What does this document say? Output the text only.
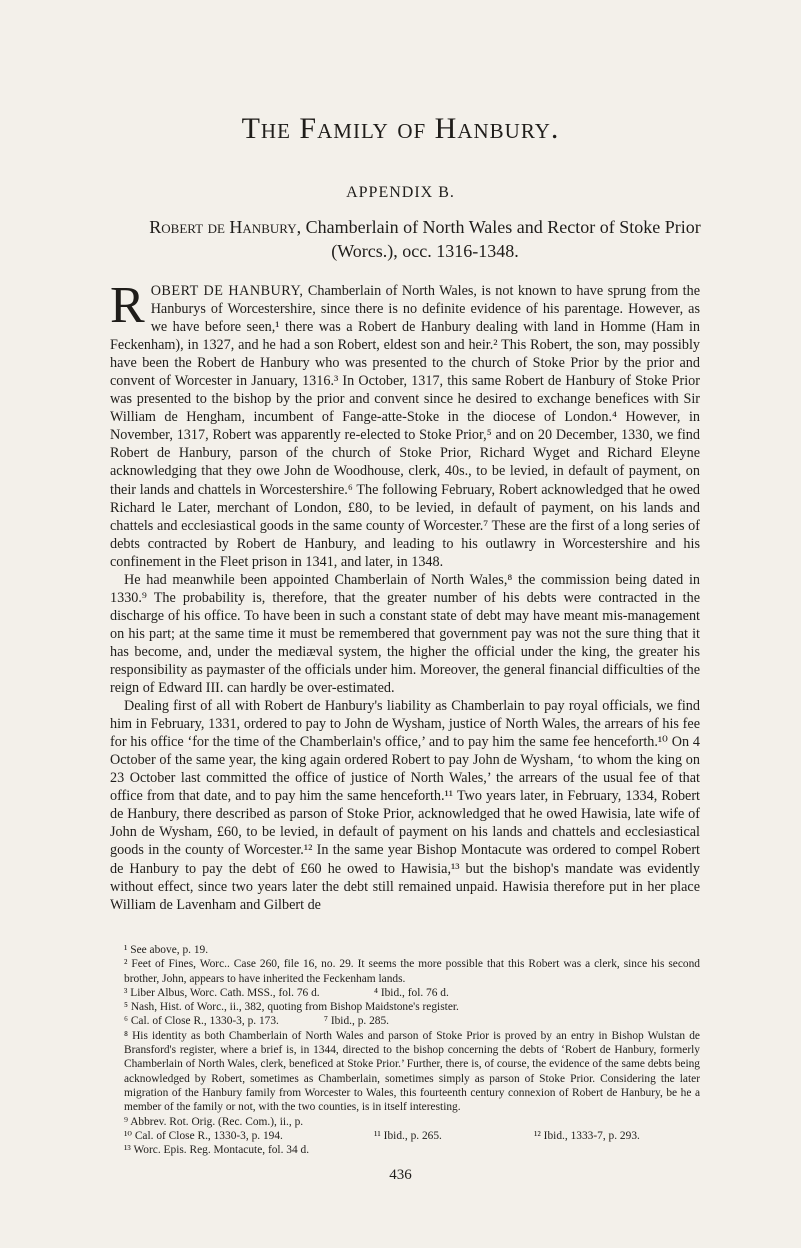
The Family of Hanbury.
APPENDIX B.
Robert de Hanbury, Chamberlain of North Wales and Rector of Stoke Prior (Worcs.), occ. 1316-1348.

ROBERT DE HANBURY, Chamberlain of North Wales, is not known to have sprung from the Hanburys of Worcestershire, since there is no definite evidence of his parentage. However, as we have before seen,¹ there was a Robert de Hanbury dealing with land in Homme (Ham in Feckenham), in 1327, and he had a son Robert, eldest son and heir.² This Robert, the son, may possibly have been the Robert de Hanbury who was presented to the church of Stoke Prior by the prior and convent of Worcester in January, 1316.³ In October, 1317, this same Robert de Hanbury of Stoke Prior was presented to the bishop by the prior and convent since he desired to exchange benefices with Sir William de Hengham, incumbent of Fange-atte-Stoke in the diocese of London.⁴ However, in November, 1317, Robert was apparently re-elected to Stoke Prior,⁵ and on 20 December, 1330, we find Robert de Hanbury, parson of the church of Stoke Prior, Richard Wyget and Richard Eleyne acknowledging that they owe John de Woodhouse, clerk, 40s., to be levied, in default of payment, on their lands and chattels in Worcestershire.⁶ The following February, Robert acknowledged that he owed Richard le Later, merchant of London, £80, to be levied, in default of payment, on his lands and chattels and ecclesiastical goods in the same county of Worcester.⁷ These are the first of a long series of debts contracted by Robert de Hanbury, and leading to his outlawry in Worcestershire and his confinement in the Fleet prison in 1341, and later, in 1348.

He had meanwhile been appointed Chamberlain of North Wales,⁸ the commission being dated in 1330.⁹ The probability is, therefore, that the greater number of his debts were contracted in the discharge of his office. To have been in such a constant state of debt may have meant mis-management on his part; at the same time it must be remembered that government pay was not the sure thing that it has become, and, under the mediæval system, the higher the official under the king, the greater his responsibility as paymaster of the officials under him. Moreover, the general financial difficulties of the reign of Edward III. can hardly be over-estimated.

Dealing first of all with Robert de Hanbury's liability as Chamberlain to pay royal officials, we find him in February, 1331, ordered to pay to John de Wysham, justice of North Wales, the arrears of his fee for his office ‘for the time of the Chamberlain's office,’ and to pay him the same fee henceforth.¹⁰ On 4 October of the same year, the king again ordered Robert to pay John de Wysham, ‘to whom the king on 23 October last committed the office of justice of North Wales,’ the arrears of the usual fee of that office from that date, and to pay him the same henceforth.¹¹ Two years later, in February, 1334, Robert de Hanbury, there described as parson of Stoke Prior, acknowledged that he owed Hawisia, late wife of John de Wysham, £60, to be levied, in default of payment on his lands and chattels and ecclesiastical goods in the county of Worcester.¹² In the same year Bishop Montacute was ordered to compel Robert de Hanbury to pay the debt of £60 he owed to Hawisia,¹³ but the bishop's mandate was evidently without effect, since two years later the debt still remained unpaid. Hawisia therefore put in her place William de Lavenham and Gilbert de

¹ See above, p. 19.
² Feet of Fines, Worc.. Case 260, file 16, no. 29. It seems the more possible that this Robert was a clerk, since his second brother, John, appears to have inherited the Feckenham lands.
³ Liber Albus, Worc. Cath. MSS., fol. 76 d.	⁴ Ibid., fol. 76 d.
⁵ Nash, Hist. of Worc., ii., 382, quoting from Bishop Maidstone's register.
⁶ Cal. of Close R., 1330-3, p. 173.	⁷ Ibid., p. 285.
⁸ His identity as both Chamberlain of North Wales and parson of Stoke Prior is proved by an entry in Bishop Wulstan de Bransford's register, where a brief is, in 1344, directed to the bishop concerning the debts of ‘Robert de Hanbury, formerly Chamberlain of North Wales, clerk, beneficed at Stoke Prior.’ Further, there is, of course, the evidence of the same debts being acknowledged by Robert, sometimes as Chamberlain, sometimes simply as parson of Stoke Prior. Considering the later migration of the Hanbury family from Worcester to Wales, this fourteenth century connexion of Robert de Hanbury, be he a member of the family or not, with the two counties, is in itself interesting.
⁹ Abbrev. Rot. Orig. (Rec. Com.), ii., p.
¹⁰ Cal. of Close R., 1330-3, p. 194.	¹¹ Ibid., p. 265.	¹² Ibid., 1333-7, p. 293.
¹³ Worc. Epis. Reg. Montacute, fol. 34 d.
436
